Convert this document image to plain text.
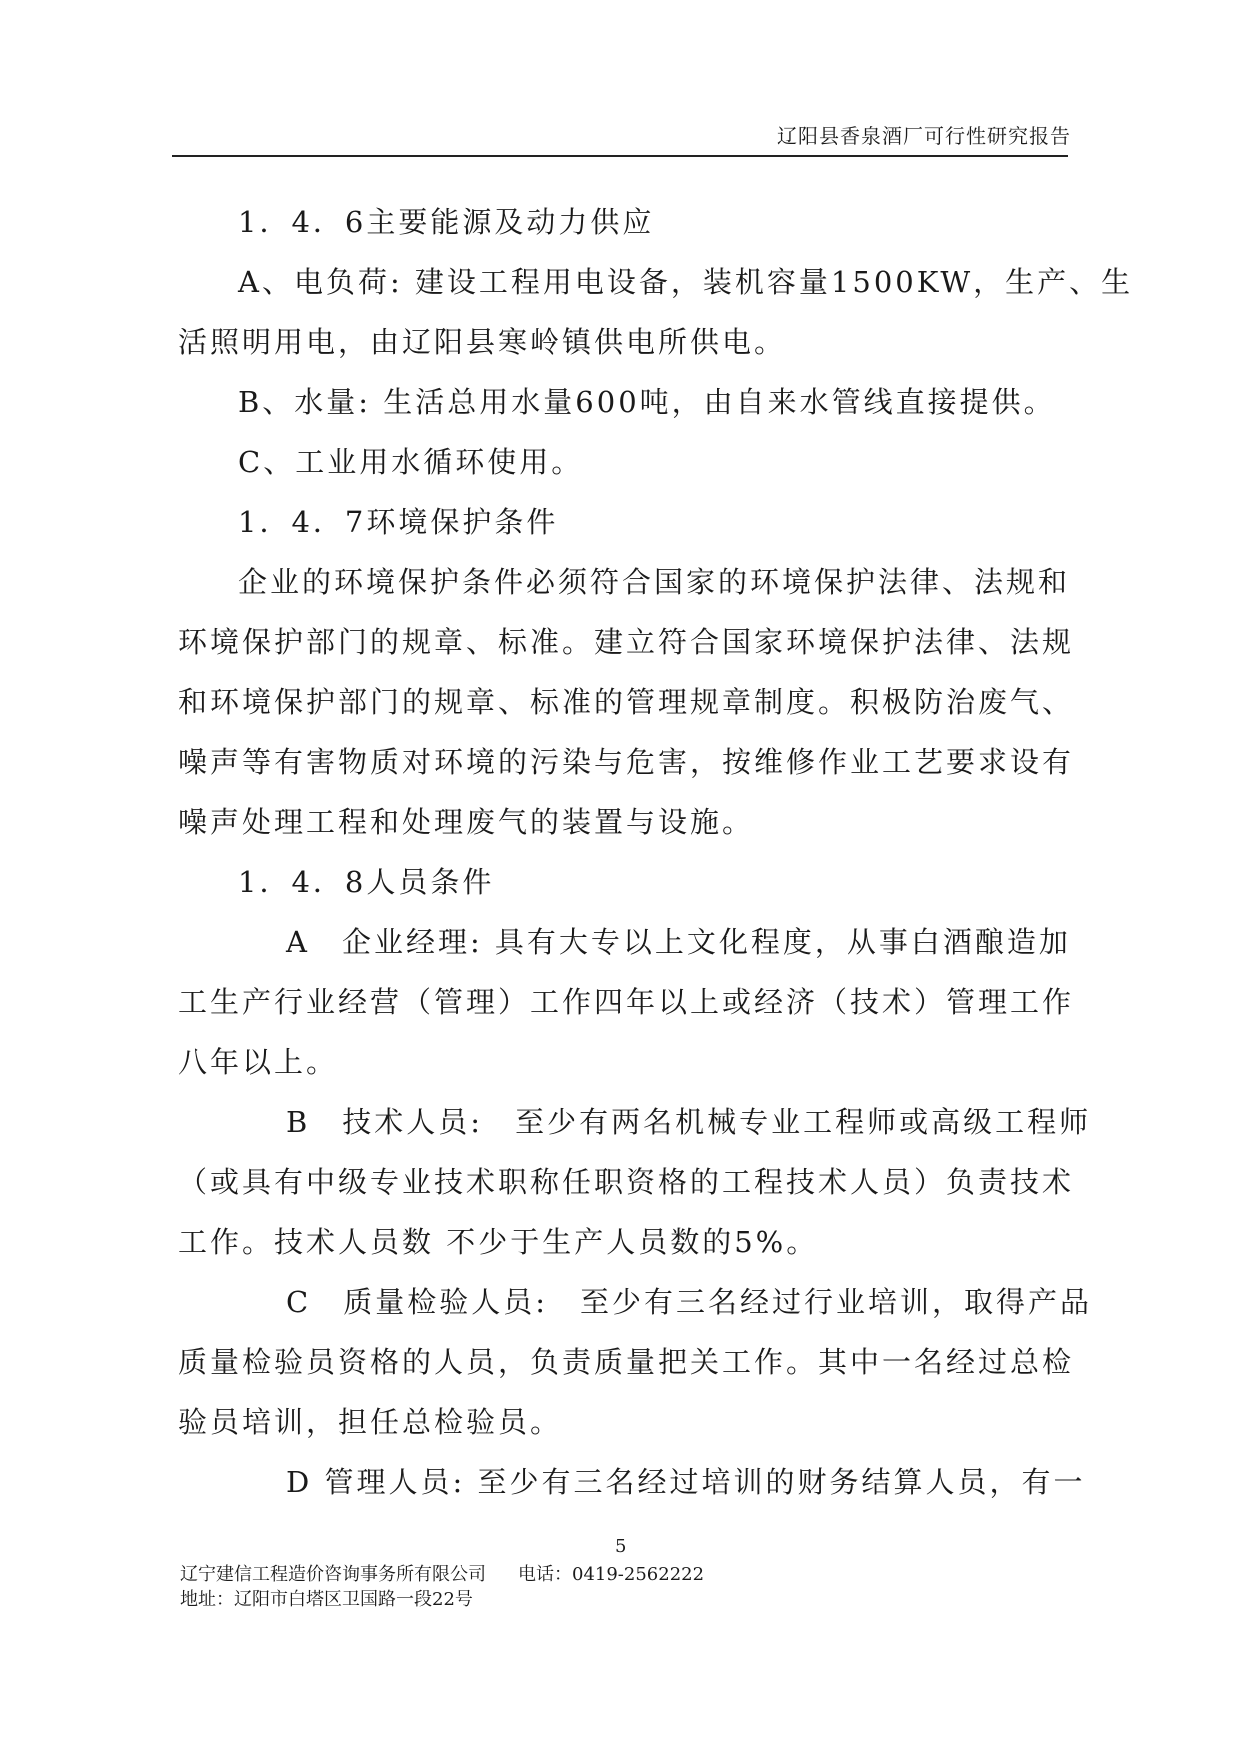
辽阳县香泉酒厂可行性研究报告
1．4．6主要能源及动力供应
A、电负荷: 建设工程用电设备，装机容量1500KW，生产、生
活照明用电，由辽阳县寒岭镇供电所供电。
B、水量: 生活总用水量600吨，由自来水管线直接提供。
C、工业用水循环使用。
1．4．7环境保护条件
企业的环境保护条件必须符合国家的环境保护法律、法规和
环境保护部门的规章、标准。建立符合国家环境保护法律、法规
和环境保护部门的规章、标准的管理规章制度。积极防治废气、
噪声等有害物质对环境的污染与危害，按维修作业工艺要求设有
噪声处理工程和处理废气的装置与设施。
1．4．8人员条件
A　企业经理: 具有大专以上文化程度，从事白酒酿造加
工生产行业经营（管理）工作四年以上或经济（技术）管理工作
八年以上。
B　技术人员:　至少有两名机械专业工程师或高级工程师
（或具有中级专业技术职称任职资格的工程技术人员）负责技术
工作。技术人员数 不少于生产人员数的5%。
C　质量检验人员:　至少有三名经过行业培训，取得产品
质量检验员资格的人员，负责质量把关工作。其中一名经过总检
验员培训，担任总检验员。
D 管理人员: 至少有三名经过培训的财务结算人员，有一
5
辽宁建信工程造价咨询事务所有限公司 电话：0419-2562222
地址：辽阳市白塔区卫国路一段22号
